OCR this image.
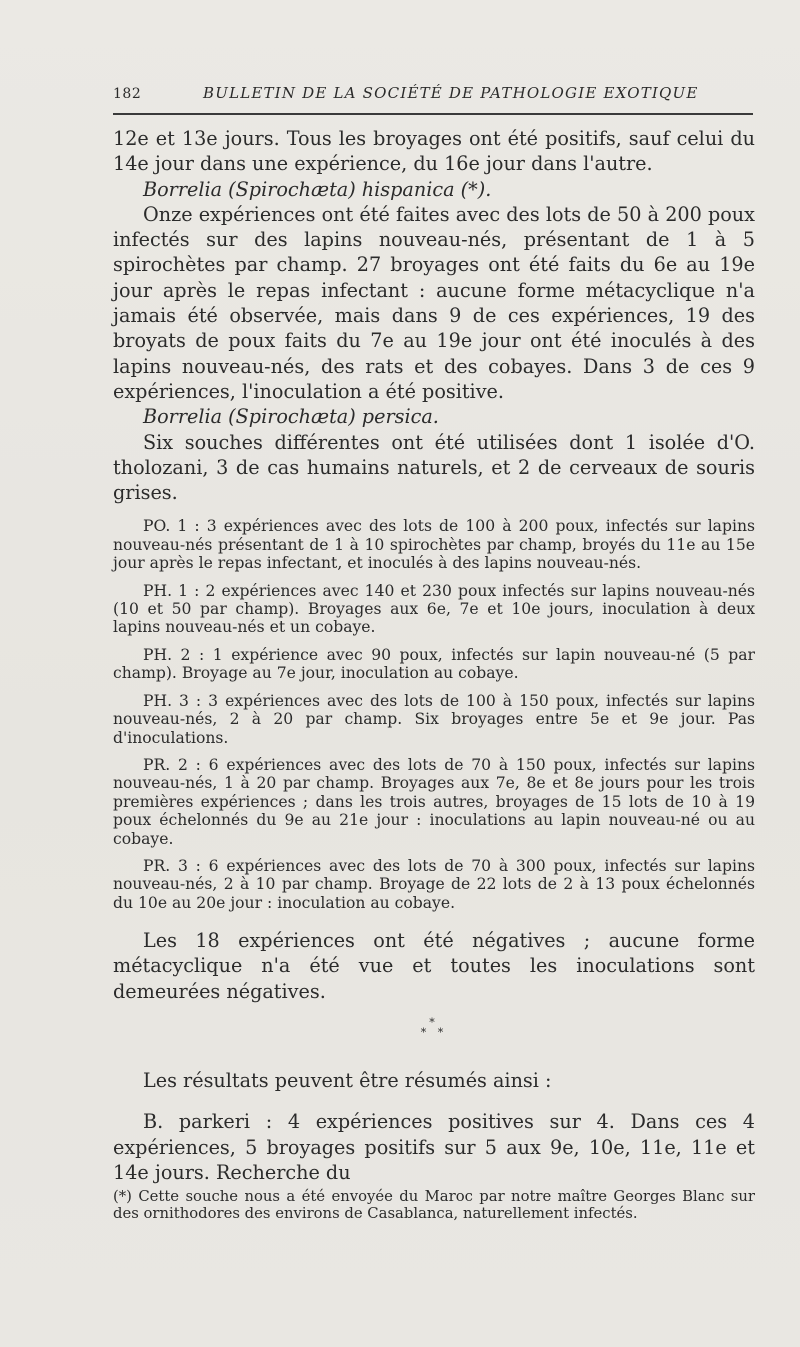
182	BULLETIN DE LA SOCIÉTÉ DE PATHOLOGIE EXOTIQUE

12e et 13e jours. Tous les broyages ont été positifs, sauf celui du 14e jour dans une expérience, du 16e jour dans l'autre.

Borrelia (Spirochæta) hispanica (*).

Onze expériences ont été faites avec des lots de 50 à 200 poux infectés sur des lapins nouveau-nés, présentant de 1 à 5 spirochètes par champ. 27 broyages ont été faits du 6e au 19e jour après le repas infectant : aucune forme métacyclique n'a jamais été observée, mais dans 9 de ces expériences, 19 des broyats de poux faits du 7e au 19e jour ont été inoculés à des lapins nouveau-nés, des rats et des cobayes. Dans 3 de ces 9 expériences, l'inoculation a été positive.

Borrelia (Spirochæta) persica.

Six souches différentes ont été utilisées dont 1 isolée d'O. tholozani, 3 de cas humains naturels, et 2 de cerveaux de souris grises.

PO. 1 : 3 expériences avec des lots de 100 à 200 poux, infectés sur lapins nouveau-nés présentant de 1 à 10 spirochètes par champ, broyés du 11e au 15e jour après le repas infectant, et inoculés à des lapins nouveau-nés.

PH. 1 : 2 expériences avec 140 et 230 poux infectés sur lapins nouveau-nés (10 et 50 par champ). Broyages aux 6e, 7e et 10e jours, inoculation à deux lapins nouveau-nés et un cobaye.

PH. 2 : 1 expérience avec 90 poux, infectés sur lapin nouveau-né (5 par champ). Broyage au 7e jour, inoculation au cobaye.

PH. 3 : 3 expériences avec des lots de 100 à 150 poux, infectés sur lapins nouveau-nés, 2 à 20 par champ. Six broyages entre 5e et 9e jour. Pas d'inoculations.

PR. 2 : 6 expériences avec des lots de 70 à 150 poux, infectés sur lapins nouveau-nés, 1 à 20 par champ. Broyages aux 7e, 8e et 8e jours pour les trois premières expériences ; dans les trois autres, broyages de 15 lots de 10 à 19 poux échelonnés du 9e au 21e jour : inoculations au lapin nouveau-né ou au cobaye.

PR. 3 : 6 expériences avec des lots de 70 à 300 poux, infectés sur lapins nouveau-nés, 2 à 10 par champ. Broyage de 22 lots de 2 à 13 poux échelonnés du 10e au 20e jour : inoculation au cobaye.

Les 18 expériences ont été négatives ; aucune forme métacyclique n'a été vue et toutes les inoculations sont demeurées négatives.

*
* *

Les résultats peuvent être résumés ainsi :

B. parkeri : 4 expériences positives sur 4. Dans ces 4 expériences, 5 broyages positifs sur 5 aux 9e, 10e, 11e, 11e et 14e jours. Recherche du

(*) Cette souche nous a été envoyée du Maroc par notre maître Georges Blanc sur des ornithodores des environs de Casablanca, naturellement infectés.
